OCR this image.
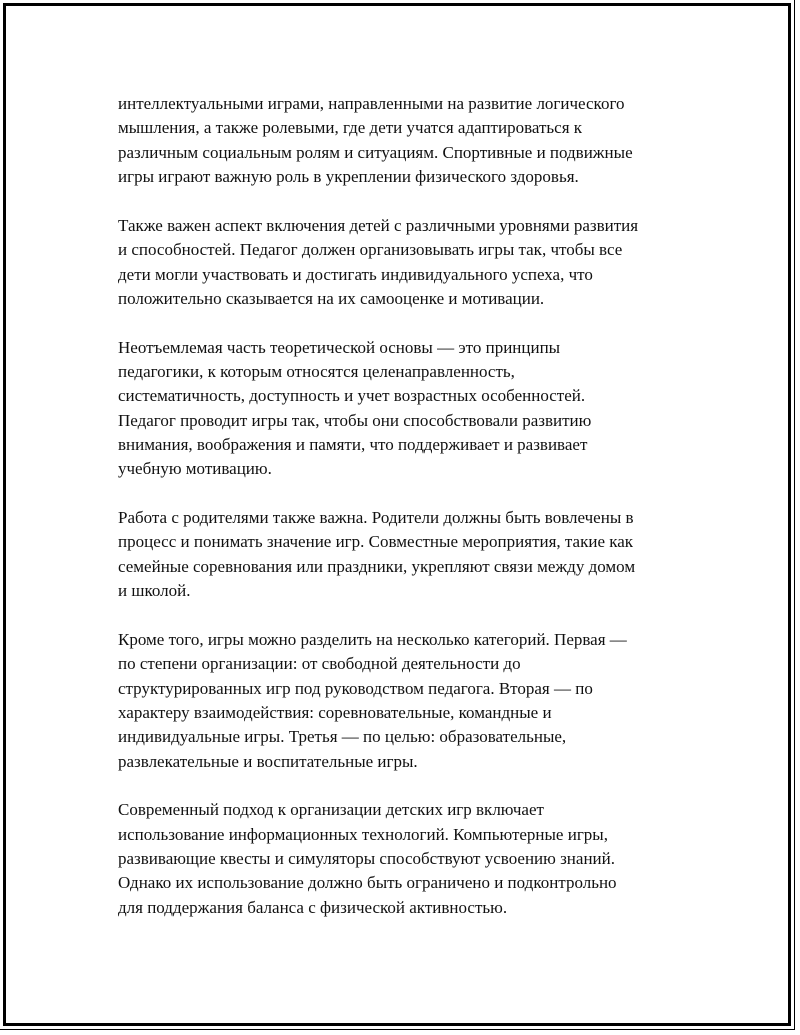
интеллектуальными играми, направленными на развитие логического
мышления, а также ролевыми, где дети учатся адаптироваться к
различным социальным ролям и ситуациям. Спортивные и подвижные
игры играют важную роль в укреплении физического здоровья.
Также важен аспект включения детей с различными уровнями развития
и способностей. Педагог должен организовывать игры так, чтобы все
дети могли участвовать и достигать индивидуального успеха, что
положительно сказывается на их самооценке и мотивации.
Неотъемлемая часть теоретической основы — это принципы
педагогики, к которым относятся целенаправленность,
систематичность, доступность и учет возрастных особенностей.
Педагог проводит игры так, чтобы они способствовали развитию
внимания, воображения и памяти, что поддерживает и развивает
учебную мотивацию.
Работа с родителями также важна. Родители должны быть вовлечены в
процесс и понимать значение игр. Совместные мероприятия, такие как
семейные соревнования или праздники, укрепляют связи между домом
и школой.
Кроме того, игры можно разделить на несколько категорий. Первая —
по степени организации: от свободной деятельности до
структурированных игр под руководством педагога. Вторая — по
характеру взаимодействия: соревновательные, командные и
индивидуальные игры. Третья — по целью: образовательные,
развлекательные и воспитательные игры.
Современный подход к организации детских игр включает
использование информационных технологий. Компьютерные игры,
развивающие квесты и симуляторы способствуют усвоению знаний.
Однако их использование должно быть ограничено и подконтрольно
для поддержания баланса с физической активностью.
